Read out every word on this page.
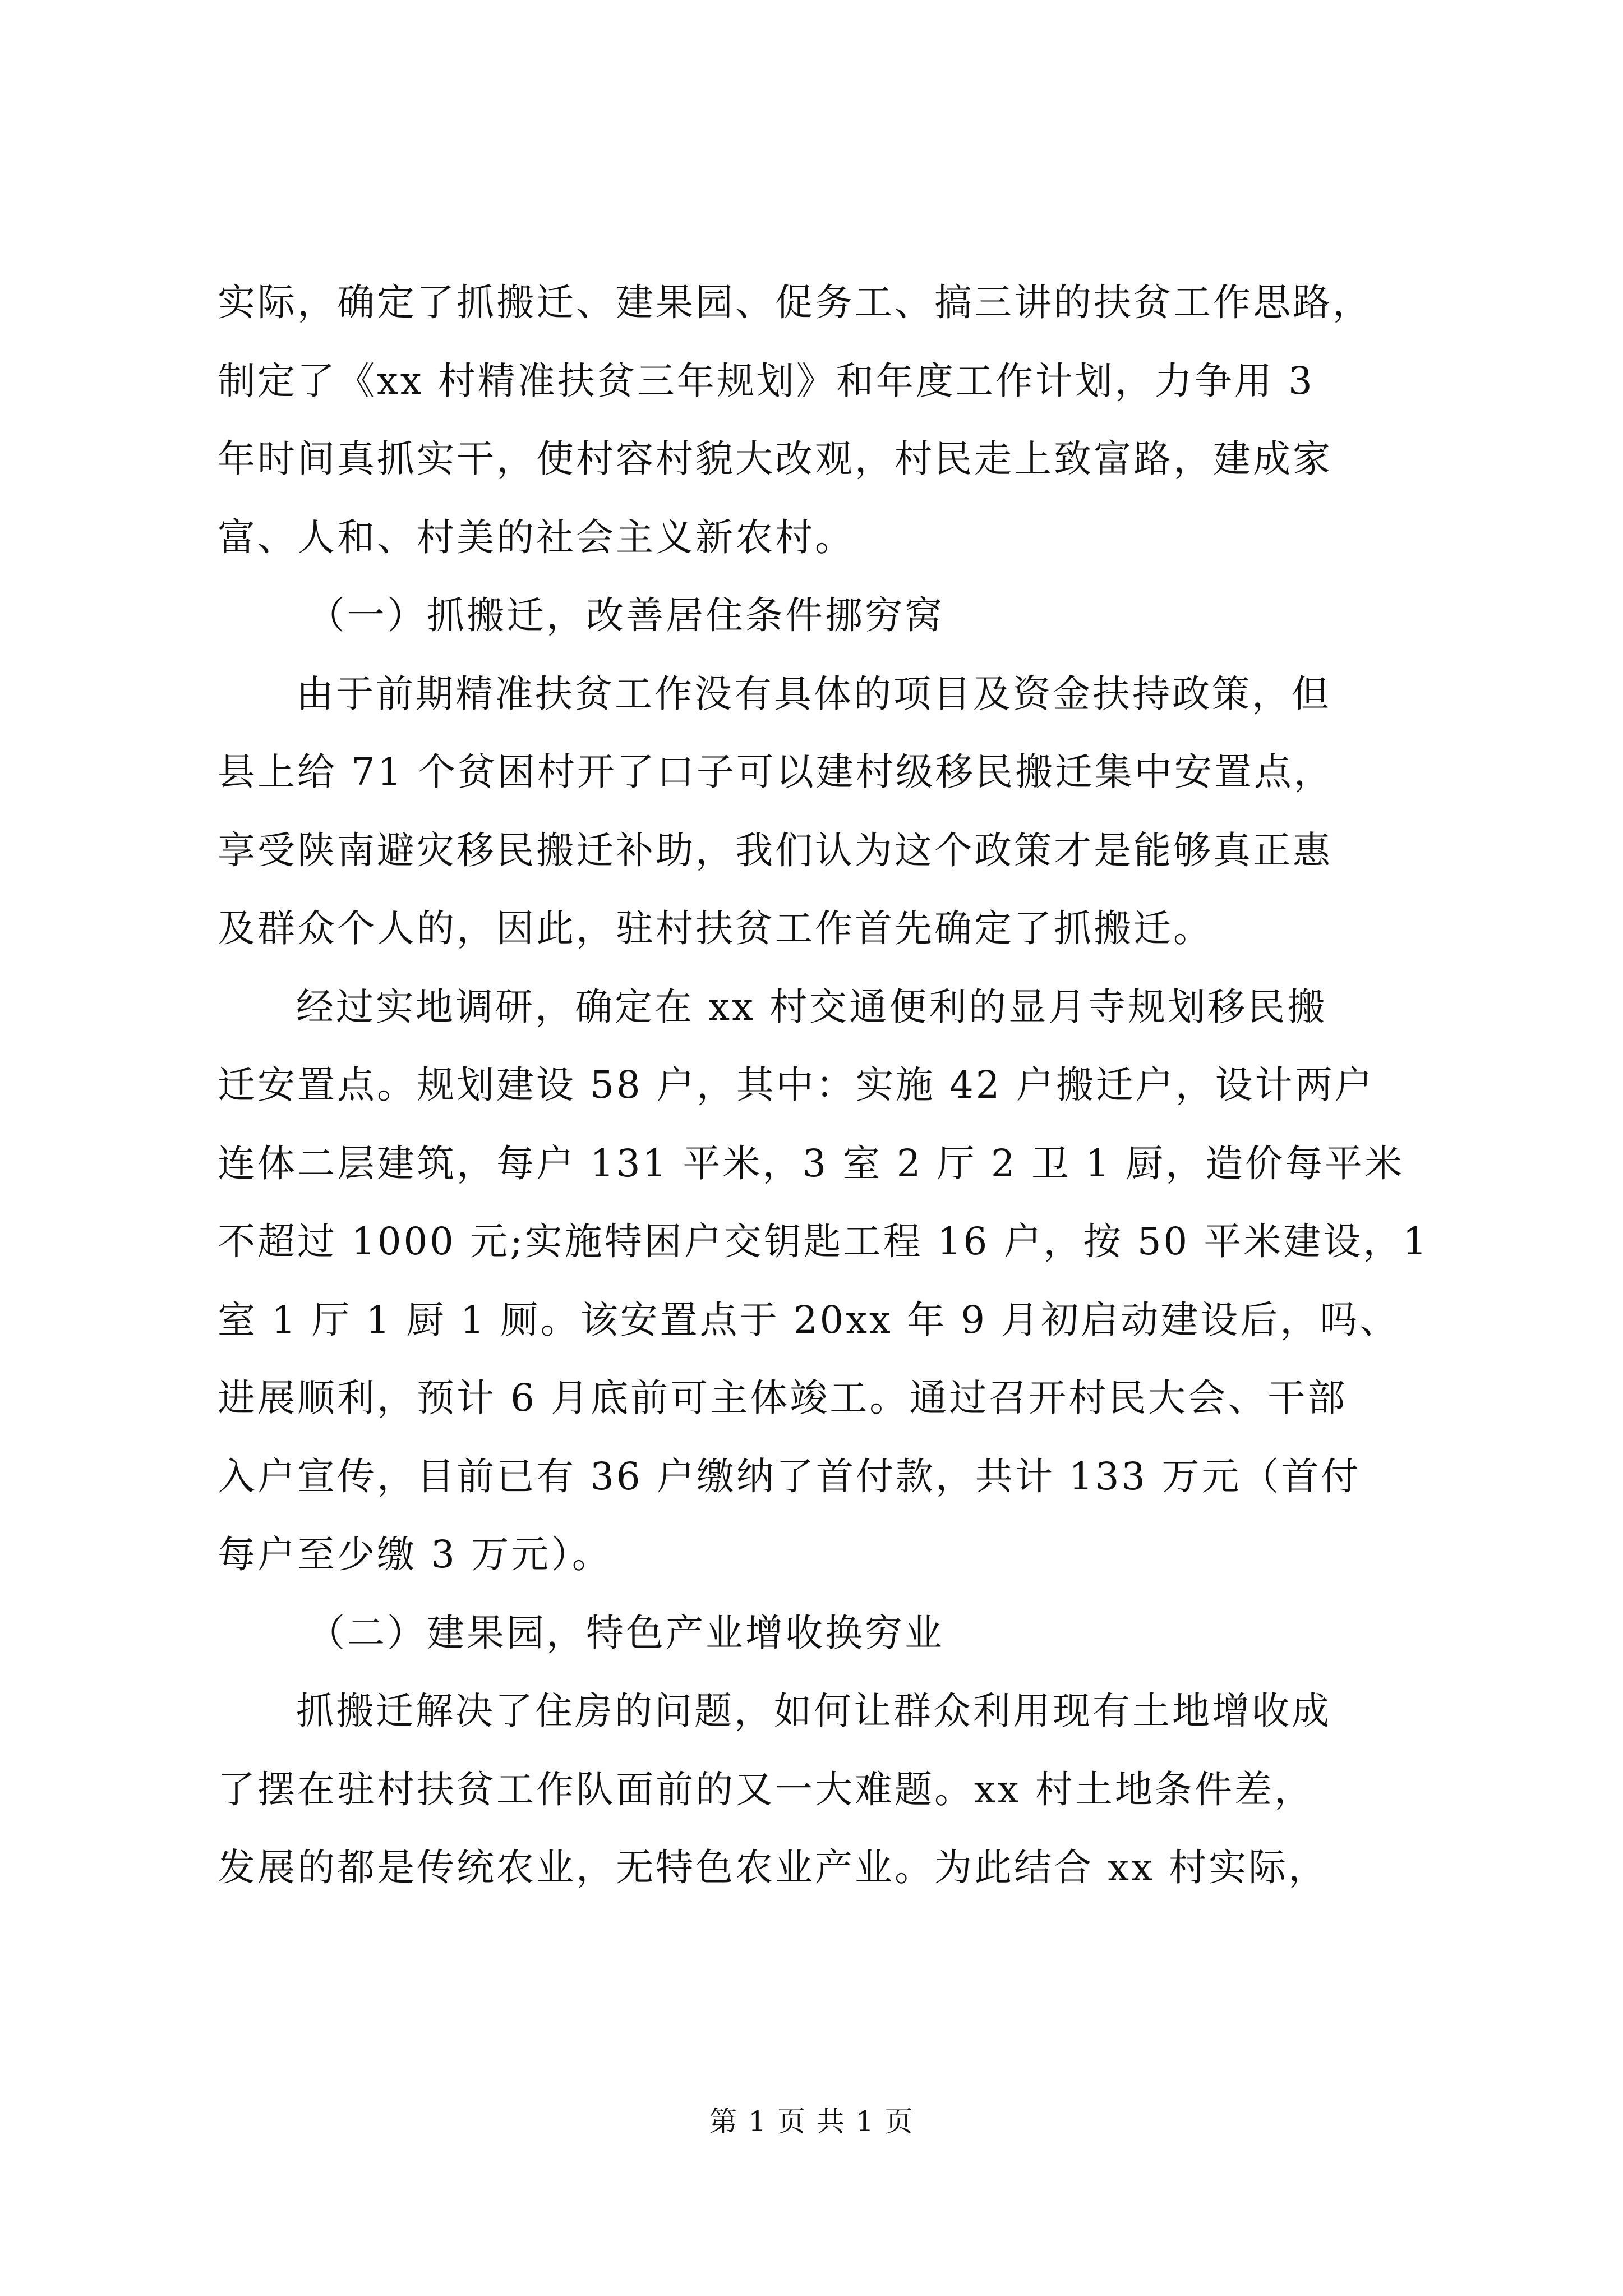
实际，确定了抓搬迁、建果园、促务工、搞三讲的扶贫工作思路，
制定了《xx 村精准扶贫三年规划》和年度工作计划，力争用 3
年时间真抓实干，使村容村貌大改观，村民走上致富路，建成家
富、人和、村美的社会主义新农村。
（一）抓搬迁，改善居住条件挪穷窝
由于前期精准扶贫工作没有具体的项目及资金扶持政策，但
县上给 71 个贫困村开了口子可以建村级移民搬迁集中安置点，
享受陕南避灾移民搬迁补助，我们认为这个政策才是能够真正惠
及群众个人的，因此，驻村扶贫工作首先确定了抓搬迁。
经过实地调研，确定在 xx 村交通便利的显月寺规划移民搬
迁安置点。规划建设 58 户，其中：实施 42 户搬迁户，设计两户
连体二层建筑，每户 131 平米，3 室 2 厅 2 卫 1 厨，造价每平米
不超过 1000 元;实施特困户交钥匙工程 16 户，按 50 平米建设，1
室 1 厅 1 厨 1 厕。该安置点于 20xx 年 9 月初启动建设后，吗、
进展顺利，预计 6 月底前可主体竣工。通过召开村民大会、干部
入户宣传，目前已有 36 户缴纳了首付款，共计 133 万元（首付
每户至少缴 3 万元）。
（二）建果园，特色产业增收换穷业
抓搬迁解决了住房的问题，如何让群众利用现有土地增收成
了摆在驻村扶贫工作队面前的又一大难题。xx 村土地条件差，
发展的都是传统农业，无特色农业产业。为此结合 xx 村实际，
第 1 页 共 1 页
